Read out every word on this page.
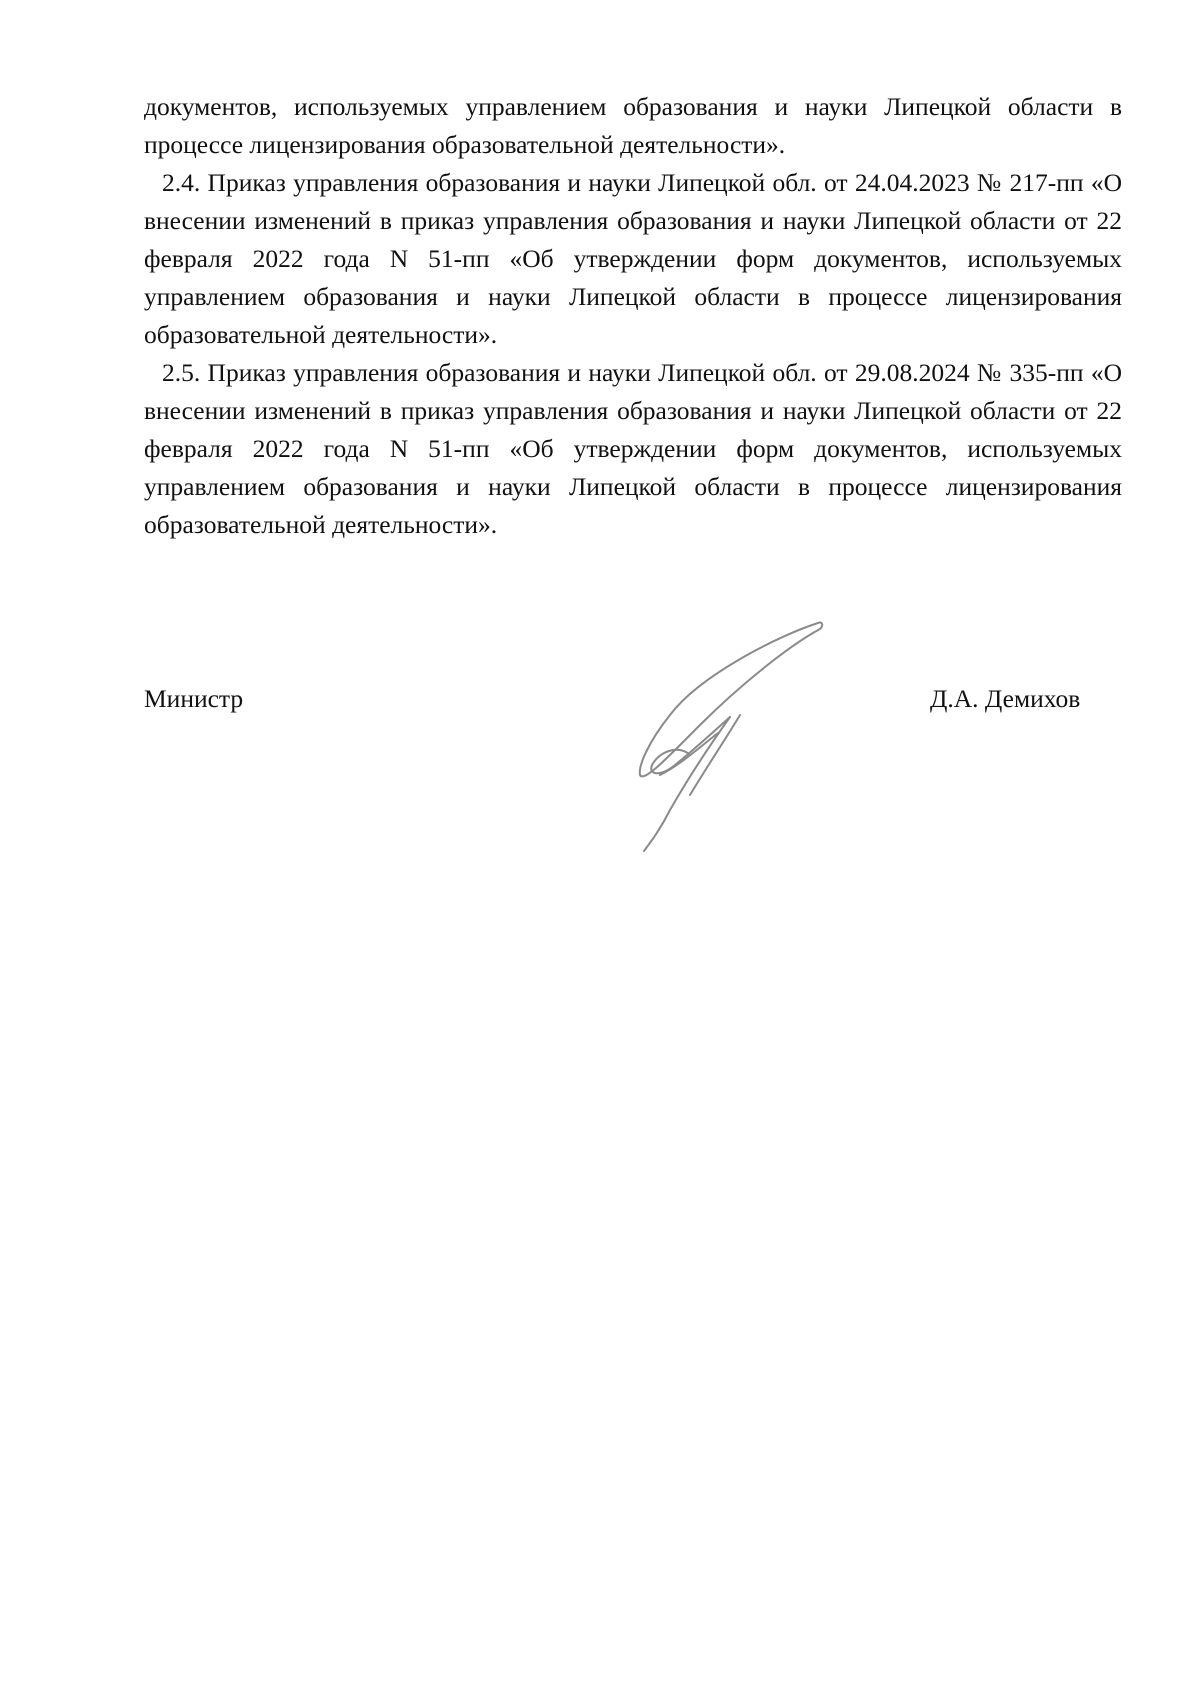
документов, используемых управлением образования и науки Липецкой области в процессе лицензирования образовательной деятельности».

2.4. Приказ управления образования и науки Липецкой обл. от 24.04.2023 № 217-пп «О внесении изменений в приказ управления образования и науки Липецкой области от 22 февраля 2022 года N 51-пп «Об утверждении форм документов, используемых управлением образования и науки Липецкой области в процессе лицензирования образовательной деятельности».

2.5. Приказ управления образования и науки Липецкой обл. от 29.08.2024 № 335-пп «О внесении изменений в приказ управления образования и науки Липецкой области от 22 февраля 2022 года N 51-пп «Об утверждении форм документов, используемых управлением образования и науки Липецкой области в процессе лицензирования образовательной деятельности».

Министр	Д.А. Демихов
